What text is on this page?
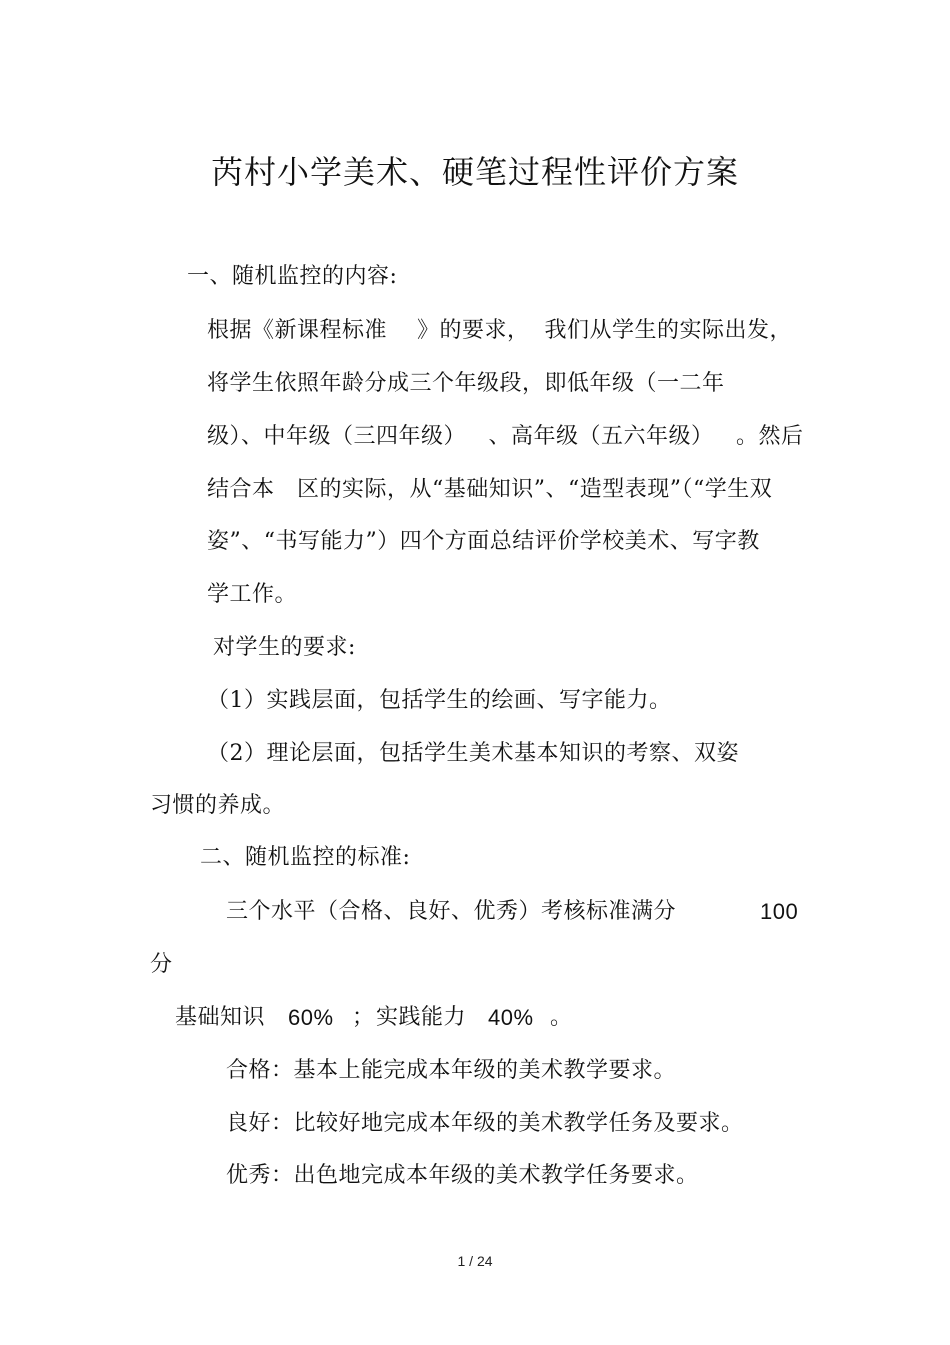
芮村小学美术、硬笔过程性评价方案
一、随机监控的内容:
根据《新课程标准    》的要求，  我们从学生的实际出发，
将学生依照年龄分成三个年级段，即低年级（一二年
级）、中年级（三四年级）   、高年级（五六年级）   。然后
结合本   区的实际，从“基础知识”、“造型表现”（“学生双
姿”、“书写能力”）四个方面总结评价学校美术、写字教
学工作。
对学生的要求:
（1）实践层面，包括学生的绘画、写字能力。
（2）理论层面，包括学生美术基本知识的考察、双姿
习惯的养成。
二、随机监控的标准:
三个水平（合格、良好、优秀）考核标准满分	100
分
基础知识 60% ； 实践能力 40% 。
合格：基本上能完成本年级的美术教学要求。
良好：比较好地完成本年级的美术教学任务及要求。
优秀：出色地完成本年级的美术教学任务要求。
1 / 24
